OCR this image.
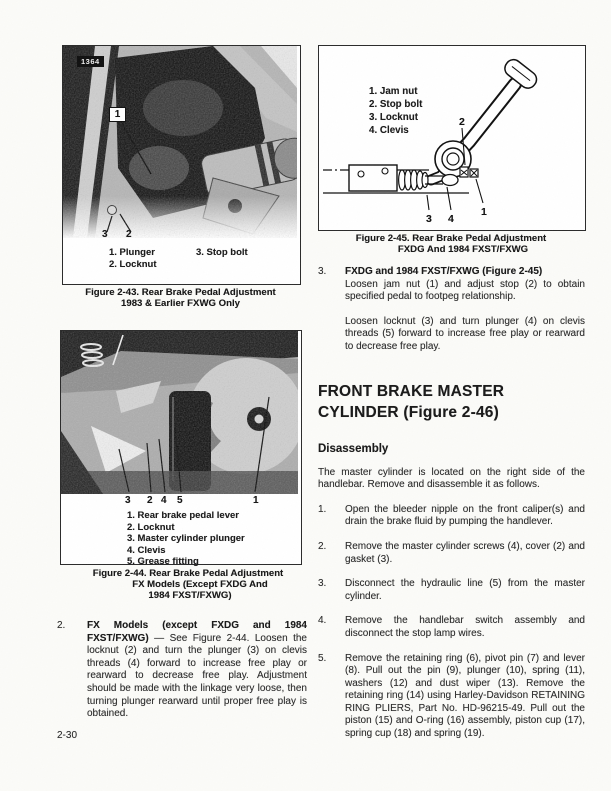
1364
1
3 2
1. Plunger
2. Locknut
3. Stop bolt
Figure 2-43. Rear Brake Pedal Adjustment
1983 & Earlier FXWG Only
3 2 4 5	1
1. Rear brake pedal lever
2. Locknut
3. Master cylinder plunger
4. Clevis
5. Grease fitting
Figure 2-44. Rear Brake Pedal Adjustment
FX Models (Except FXDG And
1984 FXST/FXWG)
2.	FX Models (except FXDG and 1984 FXST/FXWG) — See Figure 2-44. Loosen the locknut (2) and turn the plunger (3) on clevis threads (4) forward to increase free play or rearward to decrease free play. Adjustment should be made with the linkage very loose, then turning plunger rearward until proper free play is obtained.
2-30
1. Jam nut
2. Stop bolt
3. Locknut
4. Clevis
2
3 4
1
Figure 2-45. Rear Brake Pedal Adjustment
FXDG And 1984 FXST/FXWG
3.	FXDG and 1984 FXST/FXWG (Figure 2-45)

Loosen jam nut (1) and adjust stop (2) to obtain specified pedal to footpeg relationship.

Loosen locknut (3) and turn plunger (4) on clevis threads (5) forward to increase free play or rearward to decrease free play.

FRONT BRAKE MASTER
CYLINDER (Figure 2-46)
Disassembly

The master cylinder is located on the right side of the handlebar. Remove and disassemble it as follows.

1.	Open the bleeder nipple on the front caliper(s) and drain the brake fluid by pumping the handlever.
2.	Remove the master cylinder screws (4), cover (2) and gasket (3).
3.	Disconnect the hydraulic line (5) from the master cylinder.
4.	Remove the handlebar switch assembly and disconnect the stop lamp wires.
5.	Remove the retaining ring (6), pivot pin (7) and lever (8). Pull out the pin (9), plunger (10), spring (11), washers (12) and dust wiper (13). Remove the retaining ring (14) using Harley-Davidson RETAINING RING PLIERS, Part No. HD-96215-49. Pull out the piston (15) and O-ring (16) assembly, piston cup (17), spring cup (18) and spring (19).
